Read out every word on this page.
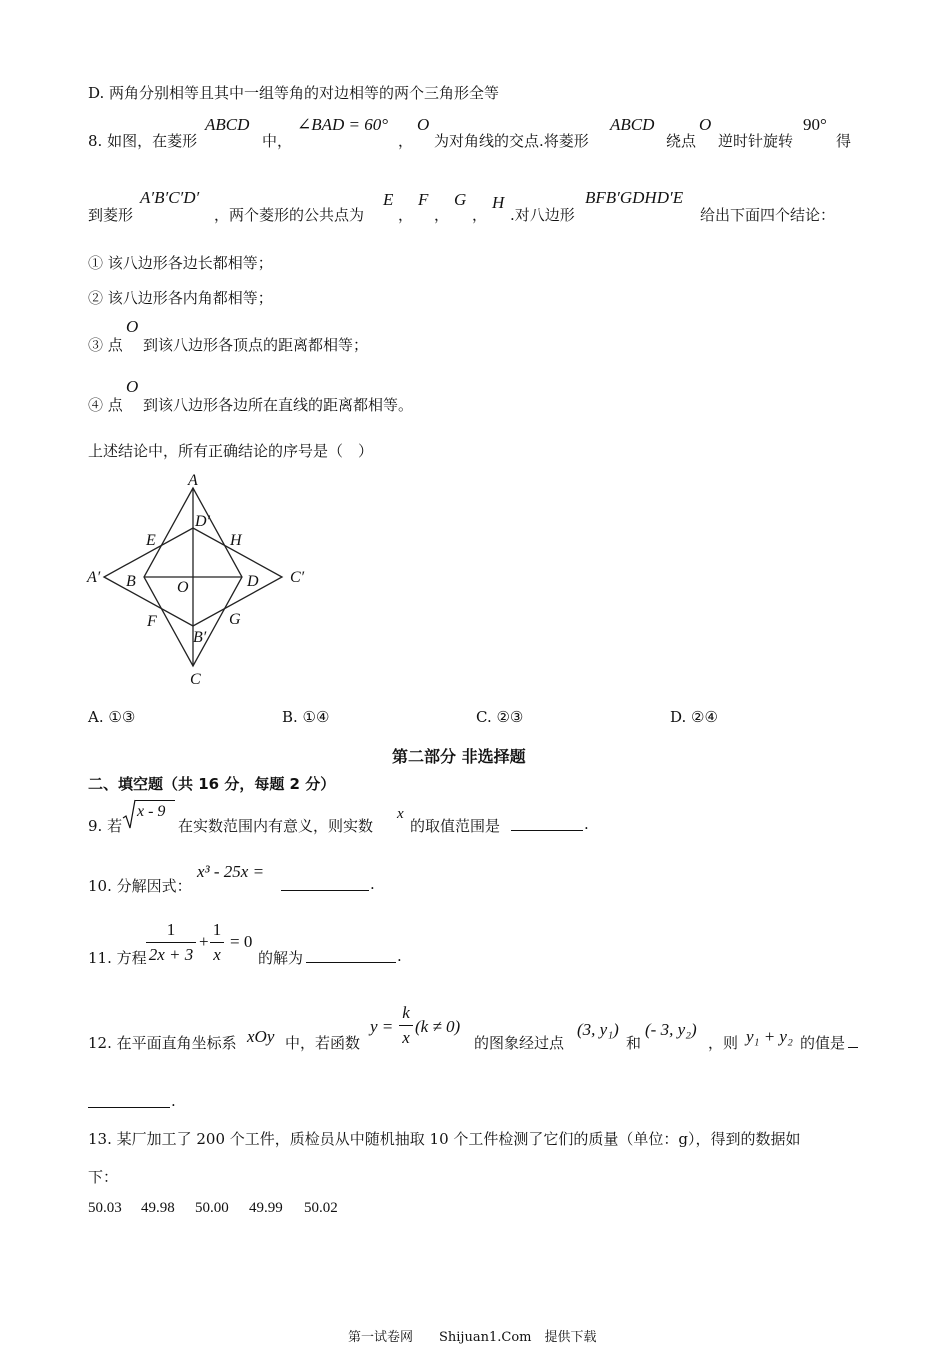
D. 两角分别相等且其中一组等角的对边相等的两个三角形全等
8. 如图，在菱形
ABCD
中，
∠BAD = 60°
，
O
为对角线的交点.将菱形
ABCD
绕点
O
逆时针旋转
90°
得
到菱形
A′B′C′D′
，两个菱形的公共点为
E
，
F
，
G
，
H
.对八边形
BFB′GDHD′E
给出下面四个结论：
① 该八边形各边长都相等；
② 该八边形各内角都相等；
③ 点
O
到该八边形各顶点的距离都相等；
④ 点
O
到该八边形各边所在直线的距离都相等。
上述结论中，所有正确结论的序号是（　）
A
D′
E	H
A′ B	O	D C′
F	G
B′
C
A. ①③	B. ①④	C. ②③	D. ②④
第二部分 非选择题
二、填空题（共 16 分，每题 2 分）
9. 若
x - 9
在实数范围内有意义，则实数
x
的取值范围是	.
10. 分解因式：
x³ - 25x =
.
11. 方程
1
2x + 3
+
1
x
= 0
的解为	.
12. 在平面直角坐标系 xOy 中，若函数
y =
k
x
(k ≠ 0)
的图象经过点
(3, y₁)
和
(- 3, y₂)
，则 y₁ + y₂ 的值是
.
13. 某厂加工了 200 个工件，质检员从中随机抽取 10 个工件检测了它们的质量（单位：g），得到的数据如
下：
50.03 49.98 50.00 49.99 50.02
第一试卷网　　Shijuan1.Com　提供下载
